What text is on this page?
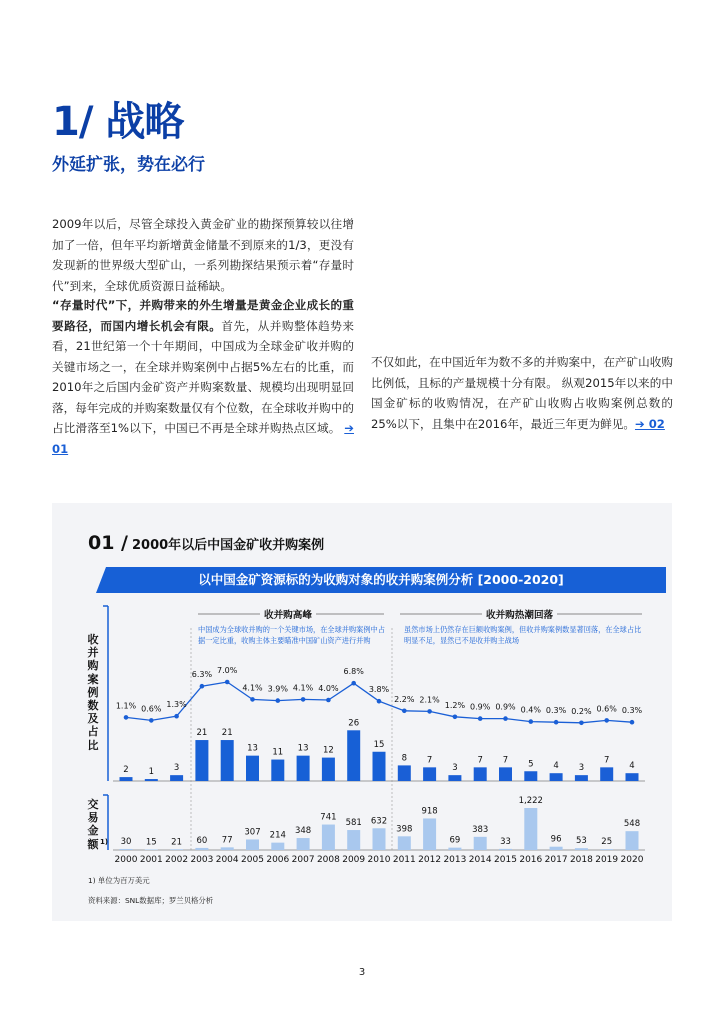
1/ 战略
外延扩张，势在必行
2009年以后，尽管全球投入黄金矿业的勘探预算较以往增加了一倍，但年平均新增黄金储量不到原来的1/3，更没有发现新的世界级大型矿山，一系列勘探结果预示着“存量时代”到来，全球优质资源日益稀缺。
“存量时代”下，并购带来的外生增量是黄金企业成长的重要路径，而国内增长机会有限。首先，从并购整体趋势来看，21世纪第一个十年期间，中国成为全球金矿收并购的关键市场之一，在全球并购案例中占据5%左右的比重，而2010年之后国内金矿资产并购案数量、规模均出现明显回落，每年完成的并购案数量仅有个位数，在全球收并购中的占比滑落至1%以下，中国已不再是全球并购热点区域。 ➔ 01
不仅如此，在中国近年为数不多的并购案中，在产矿山收购比例低，且标的产量规模十分有限。 纵观2015年以来的中国金矿标的收购情况，在产矿山收购占收购案例总数的25%以下，且集中在2016年，最近三年更为鲜见。➔ 02
01 / 2000年以后中国金矿收并购案例
以中国金矿资源标的为收购对象的收并购案例分析 [2000-2020]
收并购案例数及占比
交易金额 1)
2
30
2000
1.1%
1
15
2001
0.6%
3
21
2002
1.3%
21
60
2003
6.3%
21
77
2004
7.0%
13
307
2005
4.1%
11
214
2006
3.9%
13
348
2007
4.1%
12
741
2008
4.0%
26
581
2009
6.8%
15
632
2010
3.8%
8
398
2011
2.2%
7
918
2012
2.1%
3
69
2013
1.2%
7
383
2014
0.9%
7
33
2015
0.9%
5
1,222
2016
0.4%
4
96
2017
0.3%
3
53
2018
0.2%
7
25
2019
0.6%
4
548
2020
0.3%
收并购高峰	收并购热潮回落
中国成为全球收并购的一个关键市场，在全球并购案例中占据一定比重，收购主体主要瞄准中国矿山资产进行并购
虽然市场上仍然存在巨额收购案例，但收并购案例数显著回落，在全球占比明显不足，显然已不是收并购主战场
1) 单位为百万美元
资料来源：SNL数据库；罗兰贝格分析
3
